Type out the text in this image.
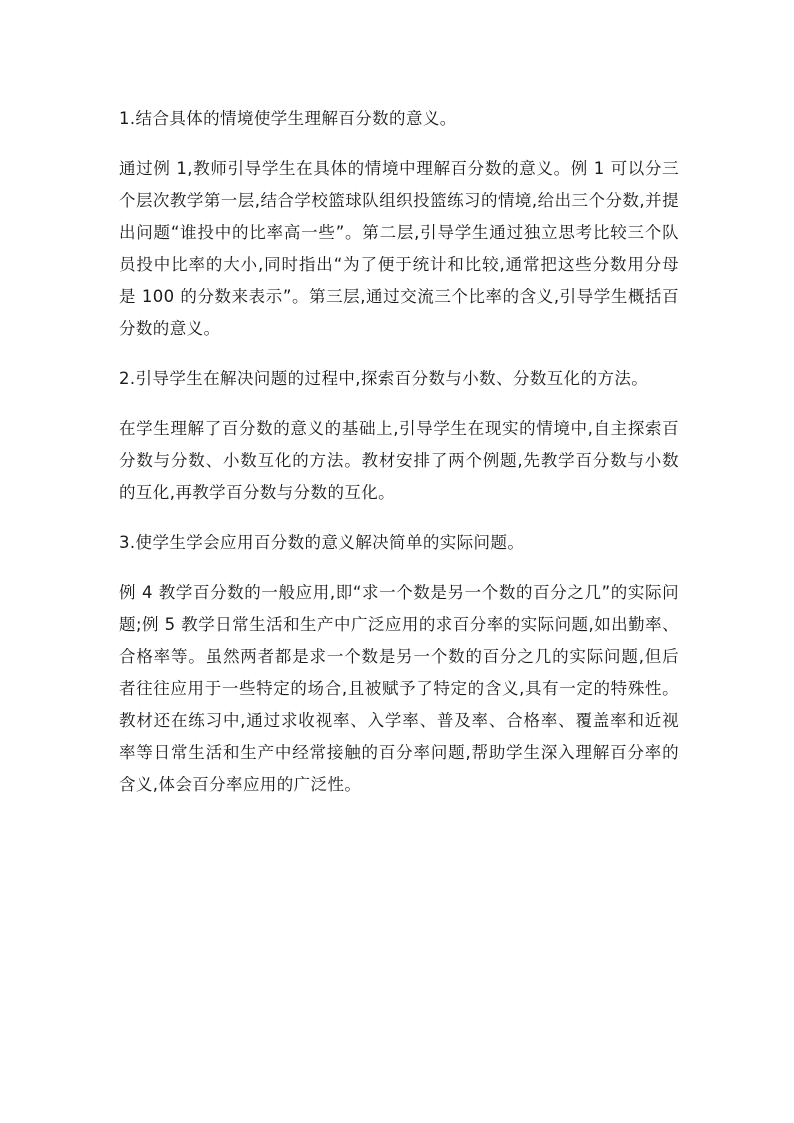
1.结合具体的情境使学生理解百分数的意义。

通过例 1,教师引导学生在具体的情境中理解百分数的意义。例 1 可以分三个层次教学第一层,结合学校篮球队组织投篮练习的情境,给出三个分数,并提出问题“谁投中的比率高一些”。第二层,引导学生通过独立思考比较三个队员投中比率的大小,同时指出“为了便于统计和比较,通常把这些分数用分母是 100 的分数来表示”。第三层,通过交流三个比率的含义,引导学生概括百分数的意义。

2.引导学生在解决问题的过程中,探索百分数与小数、分数互化的方法。

在学生理解了百分数的意义的基础上,引导学生在现实的情境中,自主探索百分数与分数、小数互化的方法。教材安排了两个例题,先教学百分数与小数的互化,再教学百分数与分数的互化。

3.使学生学会应用百分数的意义解决简单的实际问题。

例 4 教学百分数的一般应用,即“求一个数是另一个数的百分之几”的实际问题;例 5 教学日常生活和生产中广泛应用的求百分率的实际问题,如出勤率、合格率等。虽然两者都是求一个数是另一个数的百分之几的实际问题,但后者往往应用于一些特定的场合,且被赋予了特定的含义,具有一定的特殊性。教材还在练习中,通过求收视率、入学率、普及率、合格率、覆盖率和近视率等日常生活和生产中经常接触的百分率问题,帮助学生深入理解百分率的含义,体会百分率应用的广泛性。
